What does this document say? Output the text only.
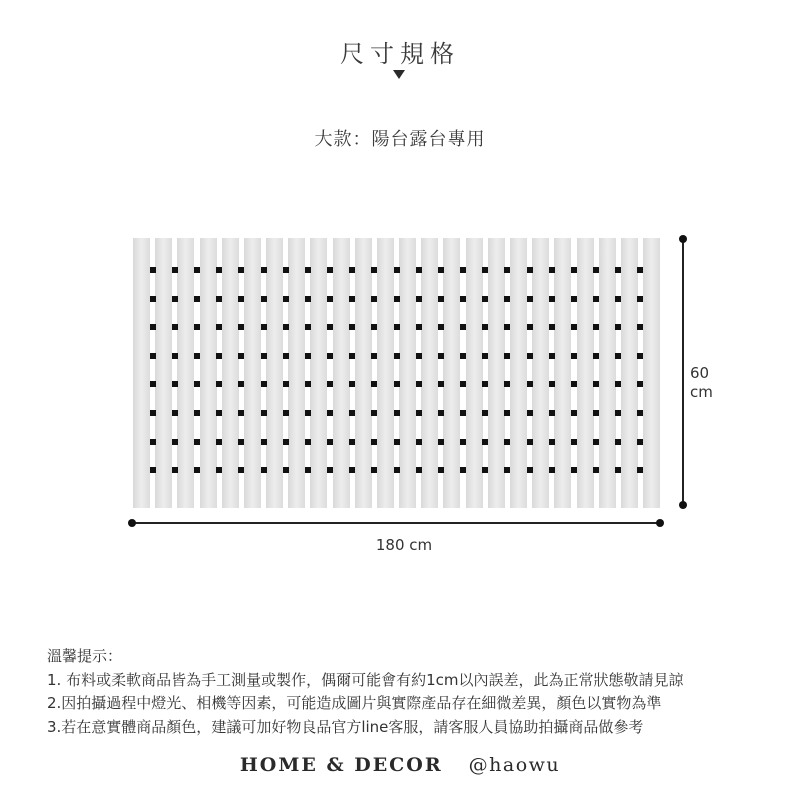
尺寸規格
大款：陽台露台專用
60
cm
180 cm
溫馨提示：
1. 布料或柔軟商品皆為手工測量或製作，偶爾可能會有約1cm以內誤差，此為正常狀態敬請見諒
2.因拍攝過程中燈光、相機等因素，可能造成圖片與實際產品存在細微差異，顏色以實物為準
3.若在意實體商品顏色，建議可加好物良品官方line客服，請客服人員協助拍攝商品做參考
HOME & DECOR @haowu
